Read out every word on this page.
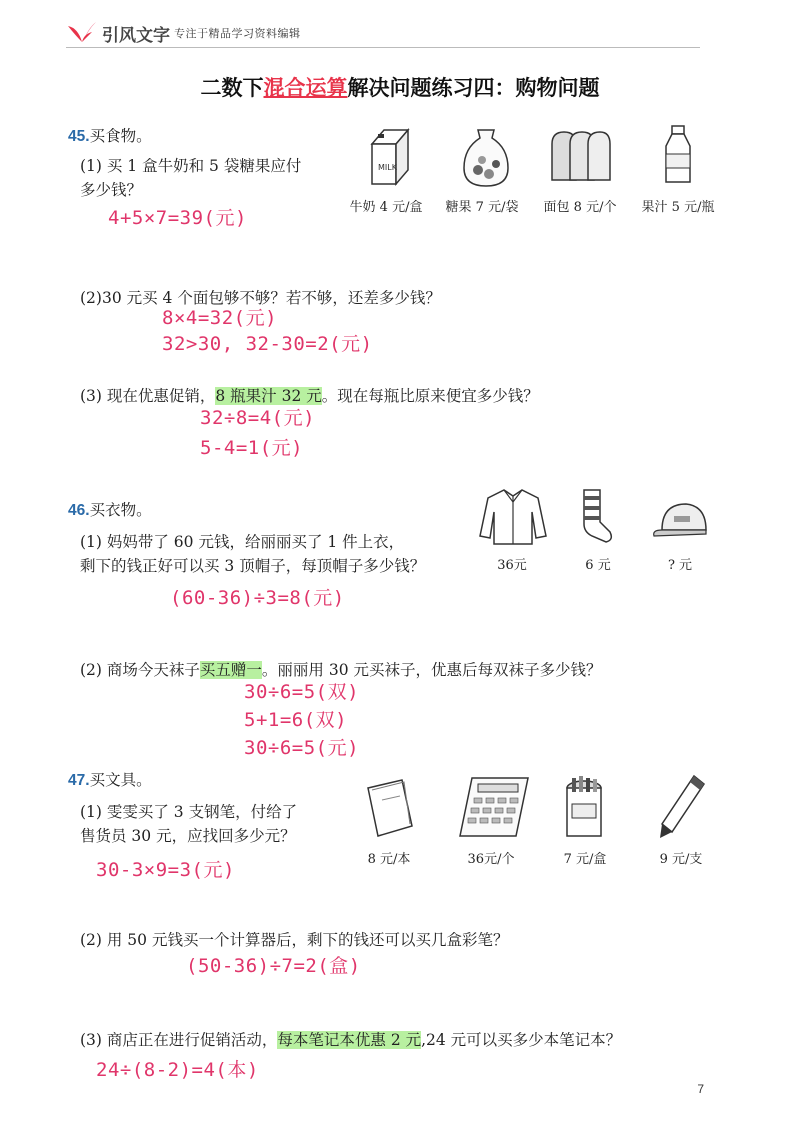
引风文字 专注于精品学习资料编辑
二数下混合运算解决问题练习四：购物问题
45.买食物。
MILK
牛奶 4 元/盒	糖果 7 元/袋	面包 8 元/个	果汁 5 元/瓶
(1) 买 1 盒牛奶和 5 袋糖果应付
多少钱？
4+5×7=39(元)
(2)30 元买 4 个面包够不够？若不够，还差多少钱？
8×4=32(元)
32>30, 32-30=2(元)
(3) 现在优惠促销，8 瓶果汁 32 元。现在每瓶比原来便宜多少钱？
32÷8=4(元)
5-4=1(元)
46.买衣物。
36元	6 元	? 元
(1) 妈妈带了 60 元钱，给丽丽买了 1 件上衣，
剩下的钱正好可以买 3 顶帽子，每顶帽子多少钱？
(60-36)÷3=8(元)
(2) 商场今天袜子买五赠一。丽丽用 30 元买袜子，优惠后每双袜子多少钱？
30÷6=5(双)
5+1=6(双)
30÷6=5(元)
47.买文具。
8 元/本	36元/个	7 元/盒	9 元/支
(1) 雯雯买了 3 支钢笔，付给了
售货员 30 元，应找回多少元？
30-3×9=3(元)
(2) 用 50 元钱买一个计算器后，剩下的钱还可以买几盒彩笔？
(50-36)÷7=2(盒)
(3) 商店正在进行促销活动，每本笔记本优惠 2 元,24 元可以买多少本笔记本？
24÷(8-2)=4(本)
7
